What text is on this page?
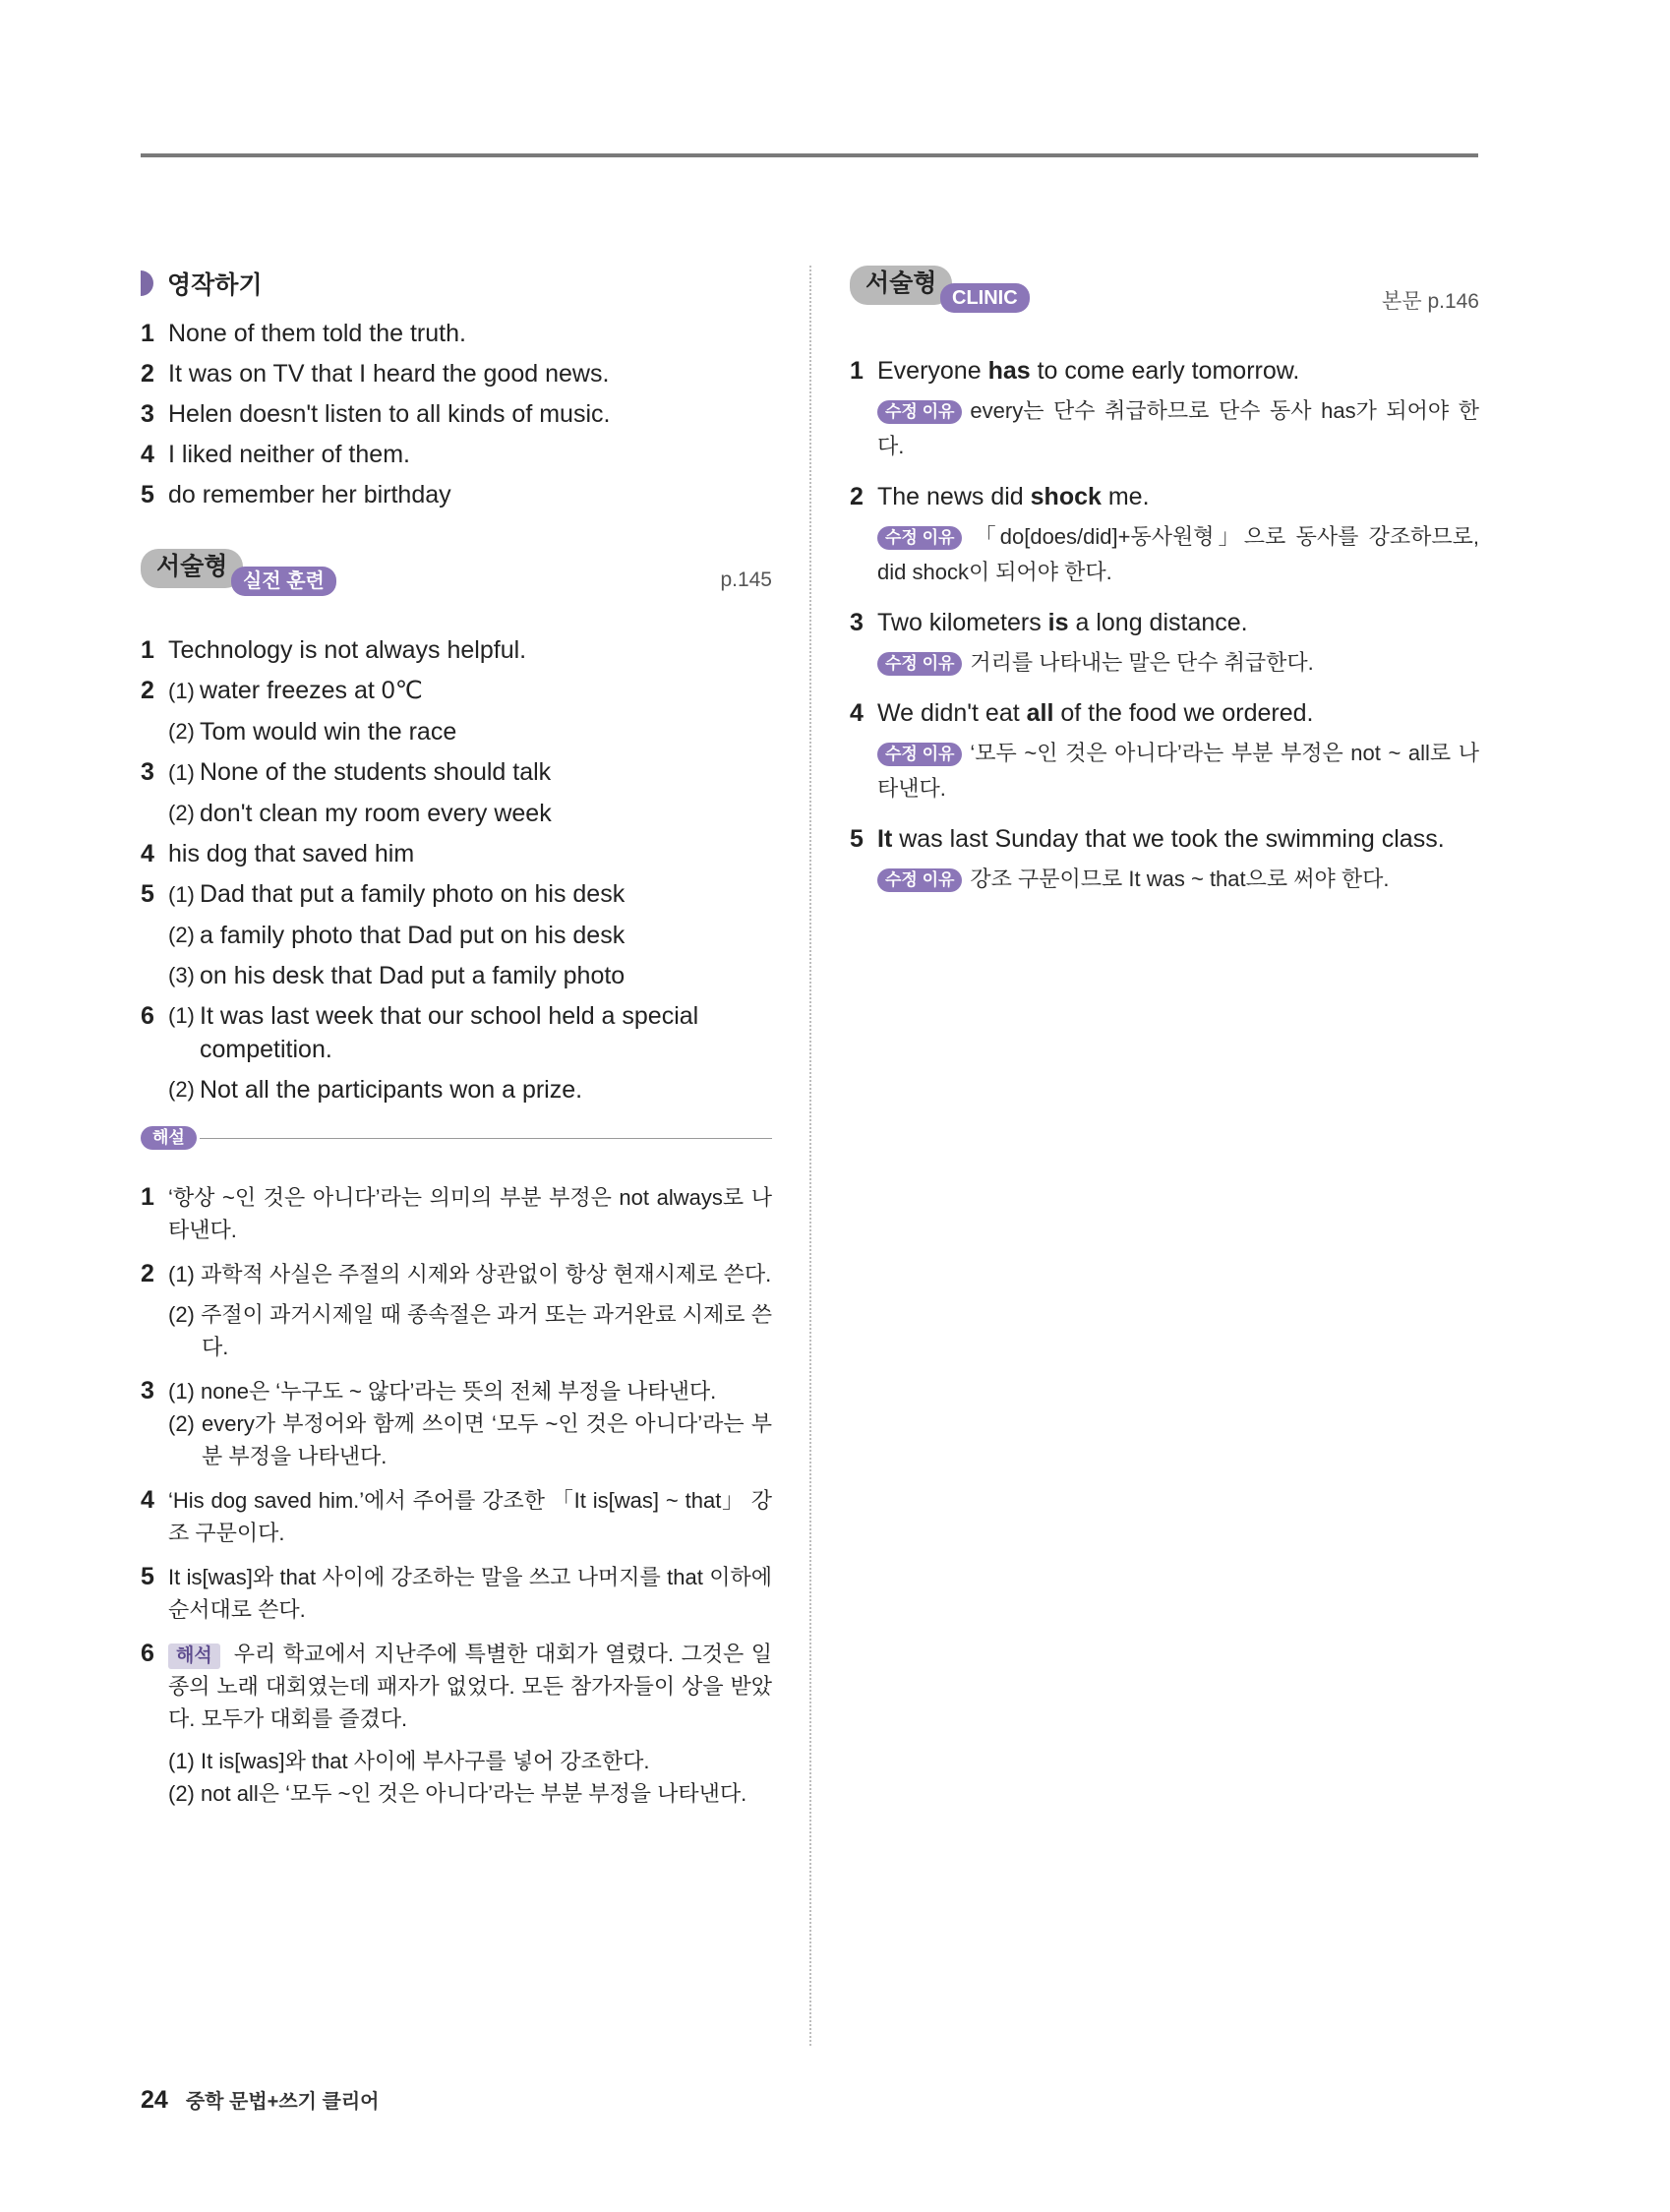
영작하기
1 None of them told the truth.
2 It was on TV that I heard the good news.
3 Helen doesn't listen to all kinds of music.
4 I liked neither of them.
5 do remember her birthday
서술형
실전 훈련	p.145
1 Technology is not always helpful.
2 (1) water freezes at 0℃
(2) Tom would win the race
3 (1) None of the students should talk
(2) don't clean my room every week
4 his dog that saved him
5 (1) Dad that put a family photo on his desk
(2) a family photo that Dad put on his desk
(3) on his desk that Dad put a family photo
6 (1) It was last week that our school held a special competition.
(2) Not all the participants won a prize.
해설
1 ‘항상 ~인 것은 아니다’라는 의미의 부분 부정은 not always로 나타낸다.
2 (1) 과학적 사실은 주절의 시제와 상관없이 항상 현재시제로 쓴다.
(2) 주절이 과거시제일 때 종속절은 과거 또는 과거완료 시제로 쓴다.
3 (1) none은 ‘누구도 ~ 않다’라는 뜻의 전체 부정을 나타낸다.
(2) every가 부정어와 함께 쓰이면 ‘모두 ~인 것은 아니다’라는 부분 부정을 나타낸다.
4 ‘His dog saved him.’에서 주어를 강조한 「It is[was] ~ that」 강조 구문이다.
5 It is[was]와 that 사이에 강조하는 말을 쓰고 나머지를 that 이하에 순서대로 쓴다.
6	해석 우리 학교에서 지난주에 특별한 대회가 열렸다. 그것은 일종의 노래 대회였는데 패자가 없었다. 모든 참가자들이 상을 받았다. 모두가 대회를 즐겼다.
(1) It is[was]와 that 사이에 부사구를 넣어 강조한다.
(2) not all은 ‘모두 ~인 것은 아니다’라는 부분 부정을 나타낸다.
서술형
CLINIC	본문 p.146
1 Everyone has to come early tomorrow.
수정 이유 every는 단수 취급하므로 단수 동사 has가 되어야 한다.
2 The news did shock me.
수정 이유 「do[does/did]+동사원형」으로 동사를 강조하므로, did shock이 되어야 한다.
3 Two kilometers is a long distance.
수정 이유 거리를 나타내는 말은 단수 취급한다.
4 We didn't eat all of the food we ordered.
수정 이유 ‘모두 ~인 것은 아니다’라는 부분 부정은 not ~ all로 나타낸다.
5 It was last Sunday that we took the swimming class.
수정 이유 강조 구문이므로 It was ~ that으로 써야 한다.
24 중학 문법+쓰기 클리어
